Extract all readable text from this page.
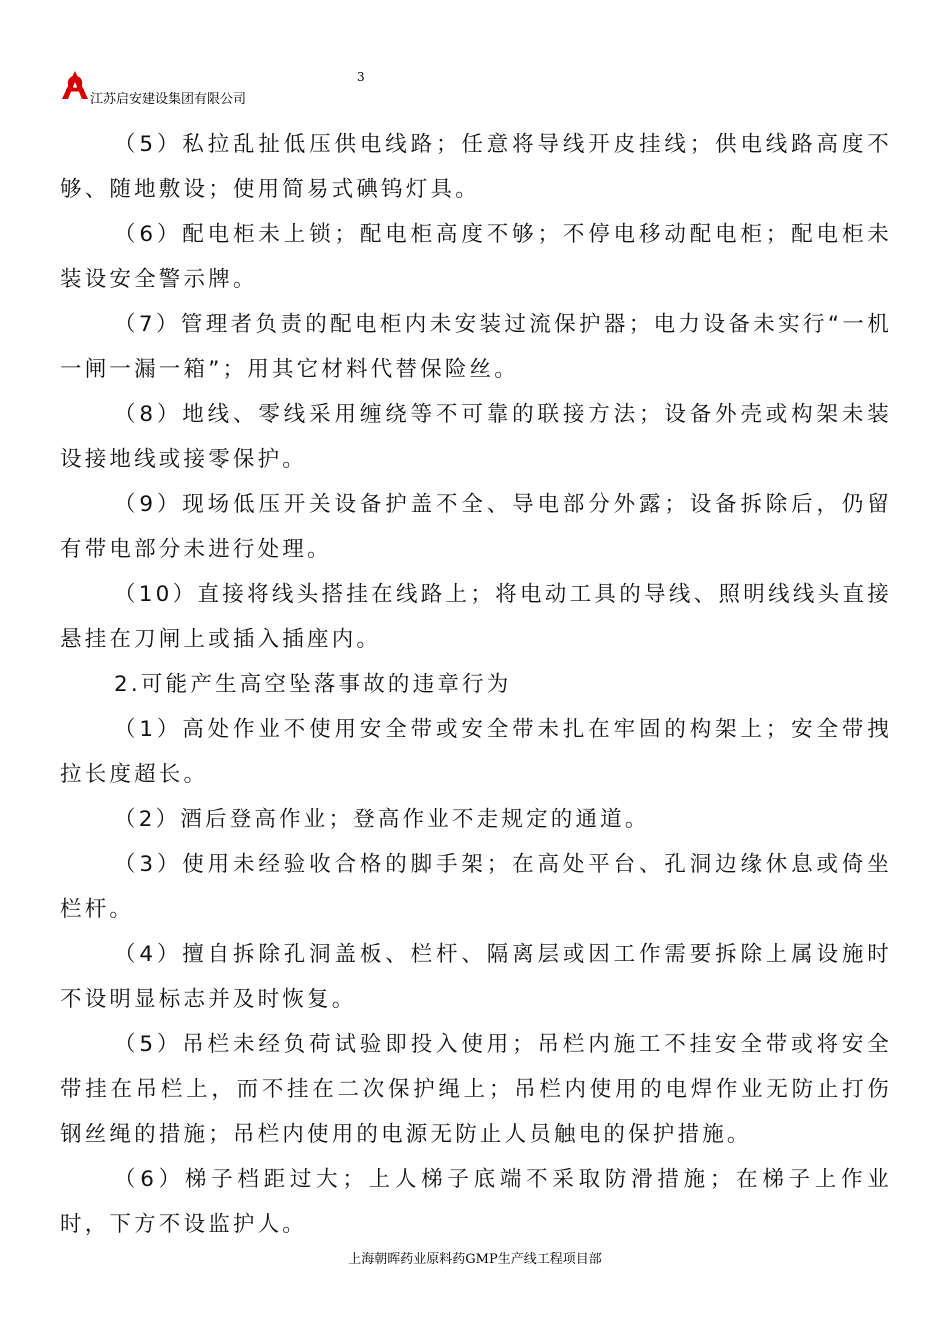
江苏启安建设集团有限公司
3

（5）私拉乱扯低压供电线路；任意将导线开皮挂线；供电线路高度不够、随地敷设；使用简易式碘钨灯具。

（6）配电柜未上锁；配电柜高度不够；不停电移动配电柜；配电柜未装设安全警示牌。

（7）管理者负责的配电柜内未安装过流保护器；电力设备未实行“一机一闸一漏一箱”；用其它材料代替保险丝。

（8）地线、零线采用缠绕等不可靠的联接方法；设备外壳或构架未装设接地线或接零保护。

（9）现场低压开关设备护盖不全、导电部分外露；设备拆除后，仍留有带电部分未进行处理。

（10）直接将线头搭挂在线路上；将电动工具的导线、照明线线头直接悬挂在刀闸上或插入插座内。

2.可能产生高空坠落事故的违章行为

（1）高处作业不使用安全带或安全带未扎在牢固的构架上；安全带拽拉长度超长。

（2）酒后登高作业；登高作业不走规定的通道。

（3）使用未经验收合格的脚手架；在高处平台、孔洞边缘休息或倚坐栏杆。

（4）擅自拆除孔洞盖板、栏杆、隔离层或因工作需要拆除上属设施时不设明显标志并及时恢复。

（5）吊栏未经负荷试验即投入使用；吊栏内施工不挂安全带或将安全带挂在吊栏上，而不挂在二次保护绳上；吊栏内使用的电焊作业无防止打伤钢丝绳的措施；吊栏内使用的电源无防止人员触电的保护措施。

（6）梯子档距过大；上人梯子底端不采取防滑措施；在梯子上作业时，下方不设监护人。

上海朝晖药业原料药GMP生产线工程项目部
